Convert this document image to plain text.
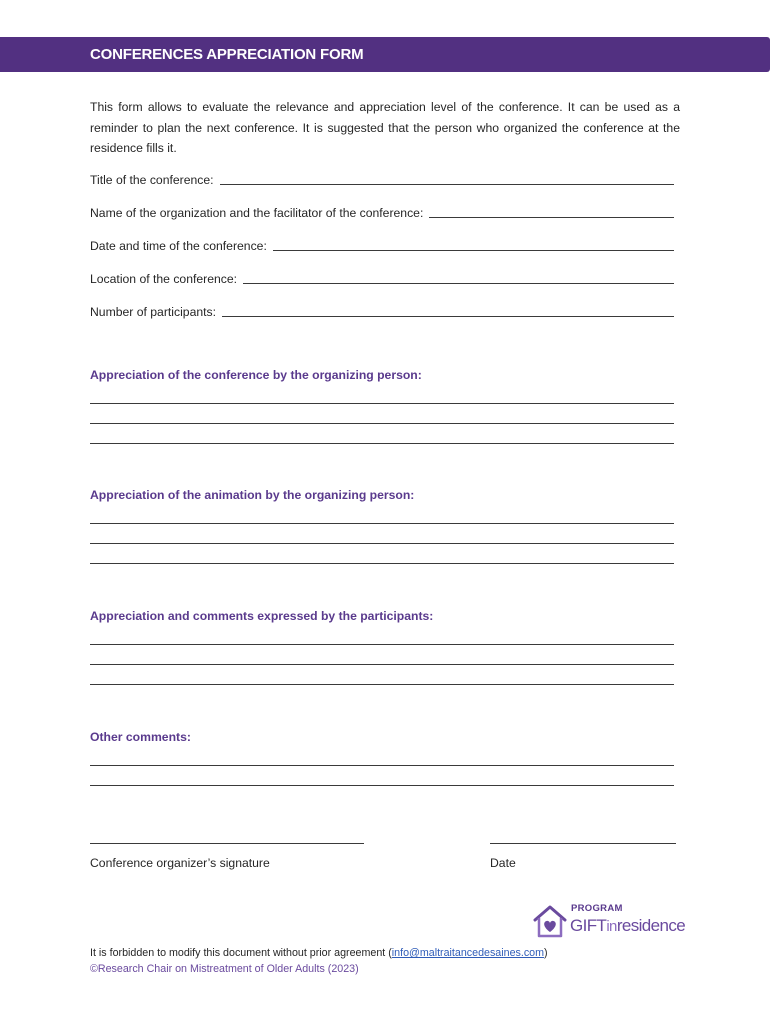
CONFERENCES APPRECIATION FORM

This form allows to evaluate the relevance and appreciation level of the conference. It can be used as a reminder to plan the next conference. It is suggested that the person who organized the conference at the residence fills it.

Title of the conference:
Name of the organization and the facilitator of the conference:
Date and time of the conference:
Location of the conference:
Number of participants:
Appreciation of the conference by the organizing person:
Appreciation of the animation by the organizing person:
Appreciation and comments expressed by the participants:
Other comments:
Conference organizer’s signature	Date
PROGRAM
GIFTinresidence
It is forbidden to modify this document without prior agreement (info@maltraitancedesaines.com)
©Research Chair on Mistreatment of Older Adults (2023)
